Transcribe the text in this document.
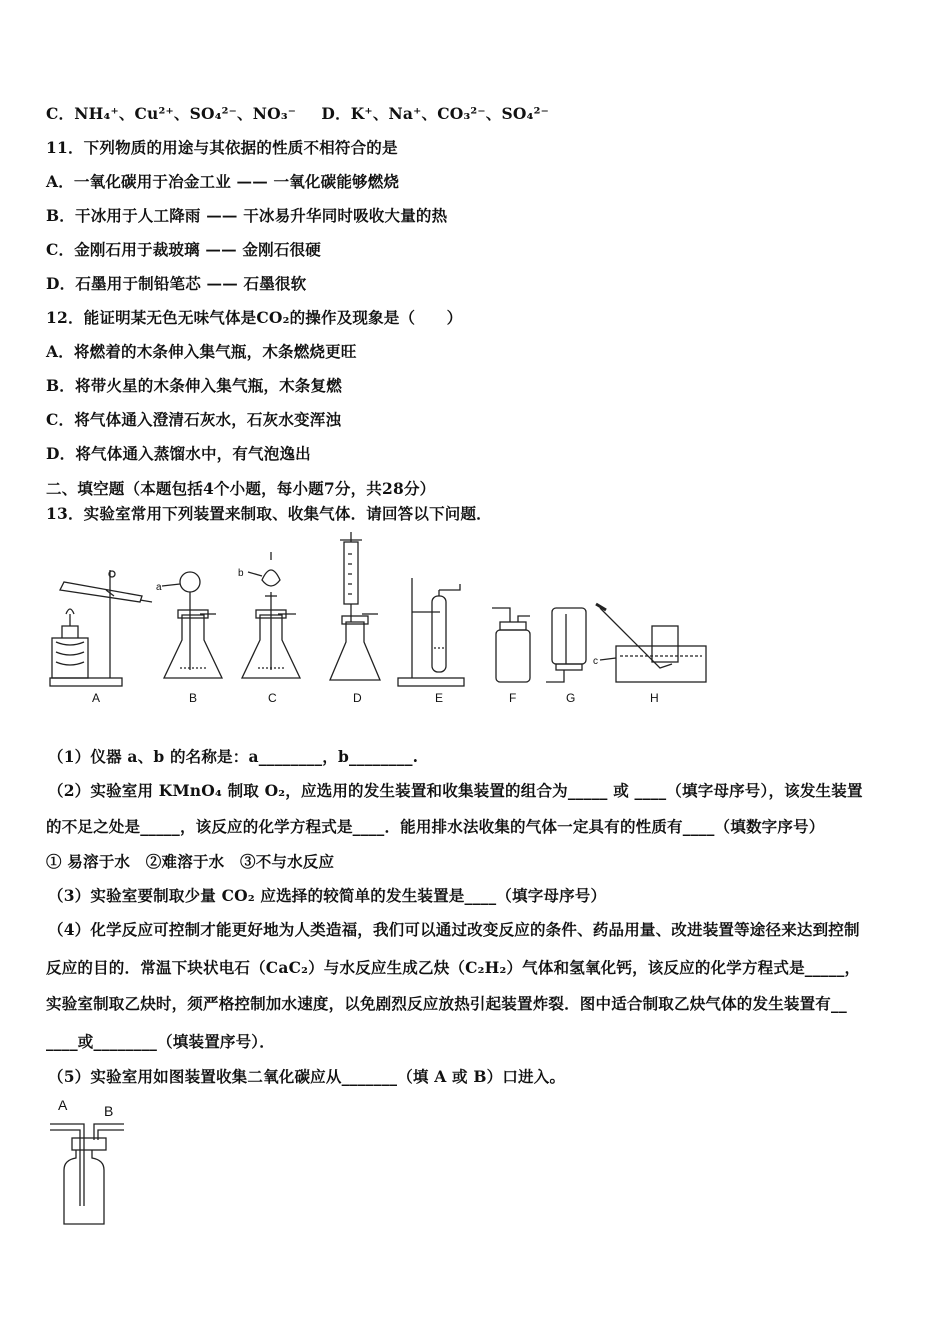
C．NH₄⁺、Cu²⁺、SO₄²⁻、NO₃⁻ D．K⁺、Na⁺、CO₃²⁻、SO₄²⁻
11．下列物质的用途与其依据的性质不相符合的是
A．一氧化碳用于冶金工业 —— 一氧化碳能够燃烧
B．干冰用于人工降雨 —— 干冰易升华同时吸收大量的热
C．金刚石用于裁玻璃 —— 金刚石很硬
D．石墨用于制铅笔芯 —— 石墨很软
12．能证明某无色无味气体是CO₂的操作及现象是（　　）
A．将燃着的木条伸入集气瓶，木条燃烧更旺
B．将带火星的木条伸入集气瓶，木条复燃
C．将气体通入澄清石灰水，石灰水变浑浊
D．将气体通入蒸馏水中，有气泡逸出
二、填空题（本题包括4个小题，每小题7分，共28分）
13．实验室常用下列装置来制取、收集气体．请回答以下问题．
A
a
B
b
C	D	E	F	G
c
H
（1）仪器 a、b 的名称是：a________，b________.
（2）实验室用 KMnO₄ 制取 O₂，应选用的发生装置和收集装置的组合为_____ 或 ____（填字母序号），该发生装置
的不足之处是_____，该反应的化学方程式是____．能用排水法收集的气体一定具有的性质有____（填数字序号）
① 易溶于水　②难溶于水　③不与水反应
（3）实验室要制取少量 CO₂ 应选择的较简单的发生装置是____（填字母序号）
（4）化学反应可控制才能更好地为人类造福，我们可以通过改变反应的条件、药品用量、改进装置等途径来达到控制
反应的目的．常温下块状电石（CaC₂）与水反应生成乙炔（C₂H₂）气体和氢氧化钙，该反应的化学方程式是_____，
实验室制取乙炔时，须严格控制加水速度，以免剧烈反应放热引起装置炸裂．图中适合制取乙炔气体的发生装置有__
____或________（填装置序号）．
（5）实验室用如图装置收集二氧化碳应从_______（填 A 或 B）口进入。
A	B
